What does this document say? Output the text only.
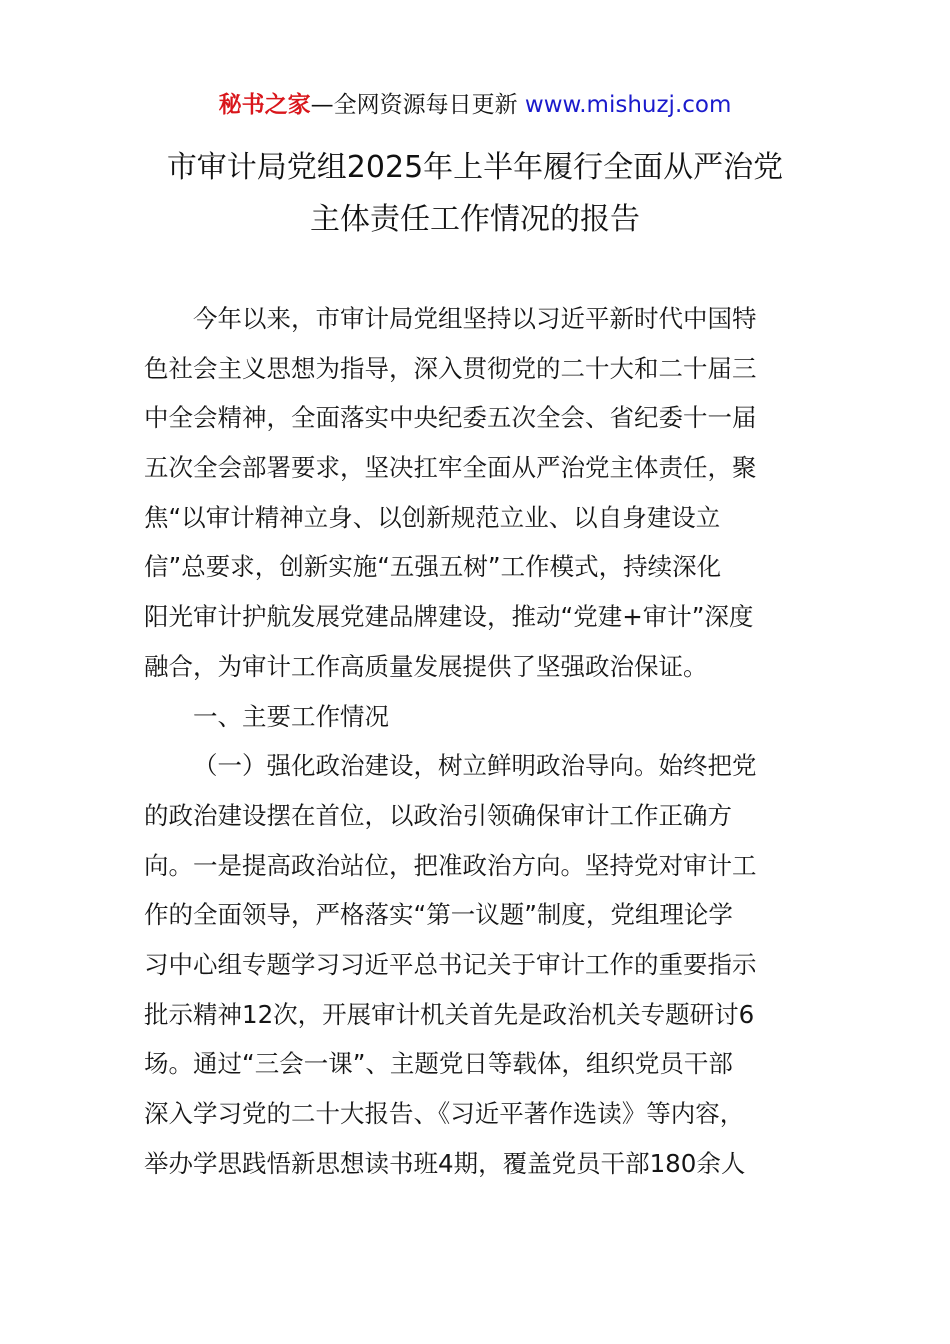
秘书之家—全网资源每日更新 www.mishuzj.com
市审计局党组2025年上半年履行全面从严治党
主体责任工作情况的报告
今年以来，市审计局党组坚持以习近平新时代中国特
色社会主义思想为指导，深入贯彻党的二十大和二十届三
中全会精神，全面落实中央纪委五次全会、省纪委十一届
五次全会部署要求，坚决扛牢全面从严治党主体责任，聚
焦“以审计精神立身、以创新规范立业、以自身建设立
信”总要求，创新实施“五强五树”工作模式，持续深化
阳光审计护航发展党建品牌建设，推动“党建+审计”深度
融合，为审计工作高质量发展提供了坚强政治保证。
一、主要工作情况
（一）强化政治建设，树立鲜明政治导向。始终把党
的政治建设摆在首位，以政治引领确保审计工作正确方
向。一是提高政治站位，把准政治方向。坚持党对审计工
作的全面领导，严格落实“第一议题”制度，党组理论学
习中心组专题学习习近平总书记关于审计工作的重要指示
批示精神12次，开展审计机关首先是政治机关专题研讨6
场。通过“三会一课”、主题党日等载体，组织党员干部
深入学习党的二十大报告、《习近平著作选读》等内容，
举办学思践悟新思想读书班4期，覆盖党员干部180余人
